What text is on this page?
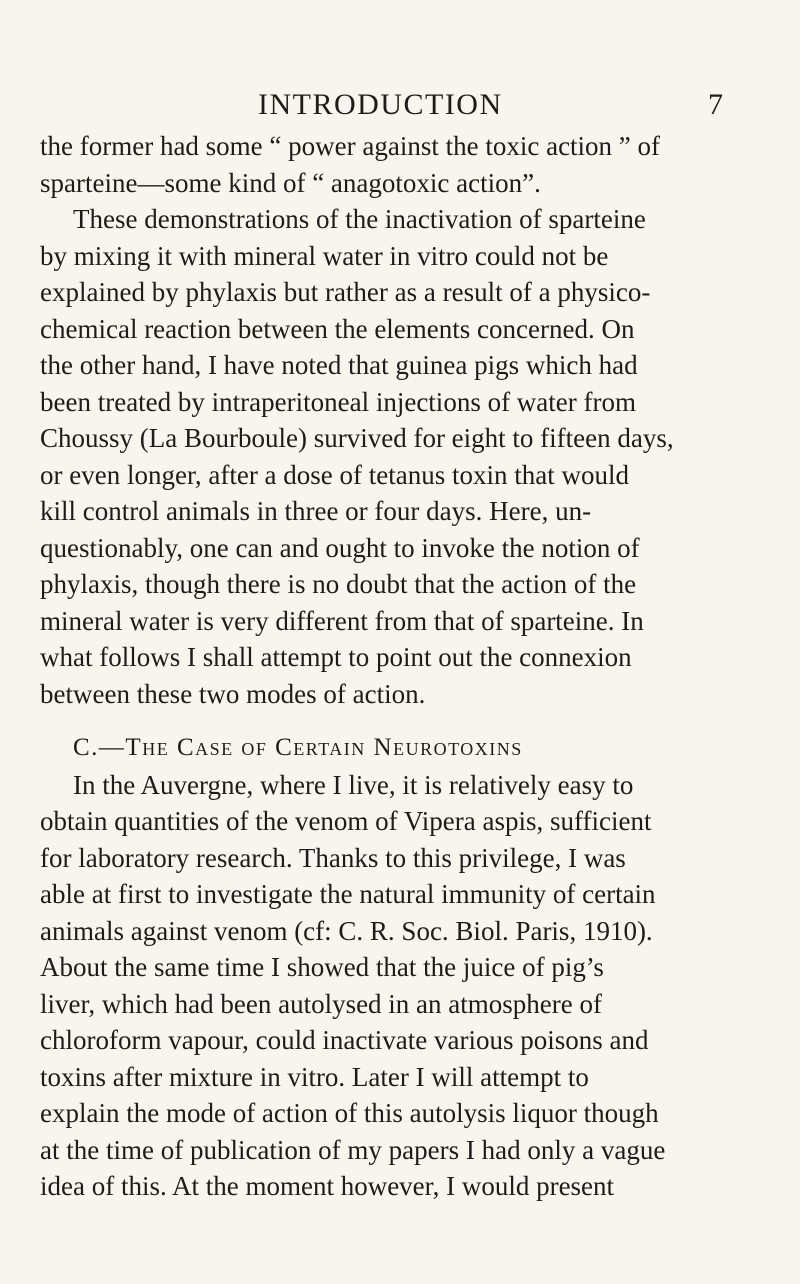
INTRODUCTION	7
the former had some “ power against the toxic action ” of
sparteine—some kind of “ anagotoxic action”.
These demonstrations of the inactivation of sparteine
by mixing it with mineral water in vitro could not be
explained by phylaxis but rather as a result of a physico-
chemical reaction between the elements concerned. On
the other hand, I have noted that guinea pigs which had
been treated by intraperitoneal injections of water from
Choussy (La Bourboule) survived for eight to fifteen days,
or even longer, after a dose of tetanus toxin that would
kill control animals in three or four days. Here, un-
questionably, one can and ought to invoke the notion of
phylaxis, though there is no doubt that the action of the
mineral water is very different from that of sparteine. In
what follows I shall attempt to point out the connexion
between these two modes of action.
C.—The Case of Certain Neurotoxins
In the Auvergne, where I live, it is relatively easy to
obtain quantities of the venom of Vipera aspis, sufficient
for laboratory research. Thanks to this privilege, I was
able at first to investigate the natural immunity of certain
animals against venom (cf: C. R. Soc. Biol. Paris, 1910).
About the same time I showed that the juice of pig’s
liver, which had been autolysed in an atmosphere of
chloroform vapour, could inactivate various poisons and
toxins after mixture in vitro. Later I will attempt to
explain the mode of action of this autolysis liquor though
at the time of publication of my papers I had only a vague
idea of this. At the moment however, I would present
